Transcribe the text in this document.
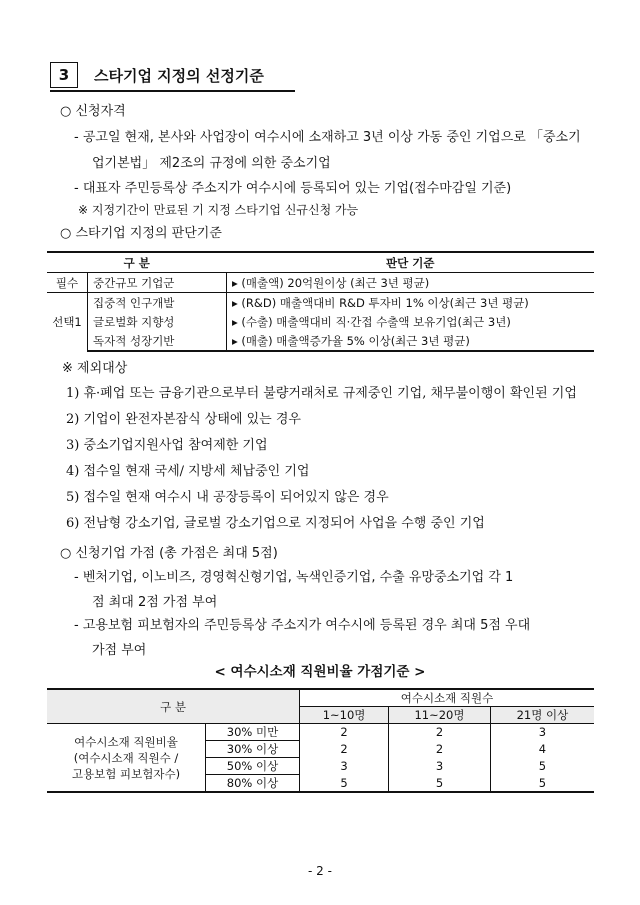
3	스타기업 지정의 선정기준
○ 신청자격
- 공고일 현재, 본사와 사업장이 여수시에 소재하고 3년 이상 가동 중인 기업으로 「중소기
업기본법」 제2조의 규정에 의한 중소기업
- 대표자 주민등록상 주소지가 여수시에 등록되어 있는 기업(접수마감일 기준)
※ 지정기간이 만료된 기 지정 스타기업 신규신청 가능
○ 스타기업 지정의 판단기준
구 분		판단 기준
필수	중간규모 기업군	▸ (매출액) 20억원이상 (최근 3년 평균)
선택1	집중적 인구개발	▸ (R&D) 매출액대비 R&D 투자비 1% 이상(최근 3년 평균)
	글로벌화 지향성	▸ (수출) 매출액대비 직·간접 수출액 보유기업(최근 3년)
	독자적 성장기반	▸ (매출) 매출액증가율 5% 이상(최근 3년 평균)
※ 제외대상
1) 휴·폐업 또는 금융기관으로부터 불량거래처로 규제중인 기업, 채무불이행이 확인된 기업
2) 기업이 완전자본잠식 상태에 있는 경우
3) 중소기업지원사업 참여제한 기업
4) 접수일 현재 국세/ 지방세 체납중인 기업
5) 접수일 현재 여수시 내 공장등록이 되어있지 않은 경우
6) 전남형 강소기업, 글로벌 강소기업으로 지정되어 사업을 수행 중인 기업
○ 신청기업 가점 (총 가점은 최대 5점)
- 벤처기업, 이노비즈, 경영혁신형기업, 녹색인증기업, 수출 유망중소기업 각 1
점 최대 2점 가점 부여
- 고용보험 피보험자의 주민등록상 주소지가 여수시에 등록된 경우 최대 5점 우대
가점 부여
< 여수시소재 직원비율 가점기준 >
구 분		여수시소재 직원수		
		1~10명	11~20명	21명 이상

여수시소재 직원비율
(여수시소재 직원수 /
고용보험 피보험자수)	30% 미만	2	2	3
	30% 이상	2	2	4
	50% 이상	3	3	5
	80% 이상	5	5	5
- 2 -
